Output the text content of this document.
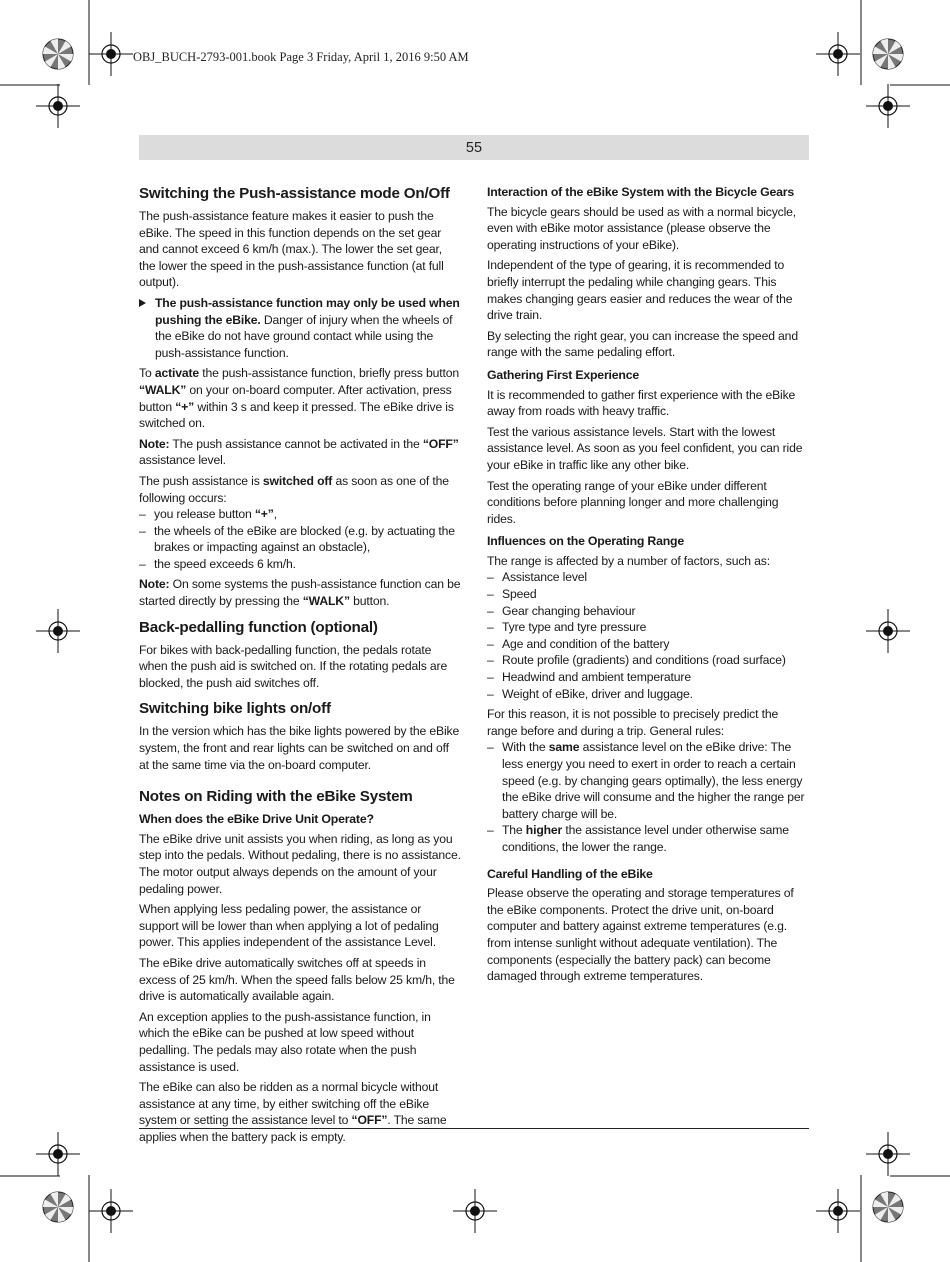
OBJ_BUCH-2793-001.book Page 3 Friday, April 1, 2016 9:50 AM
55
Switching the Push-assistance mode On/Off

The push-assistance feature makes it easier to push the eBike. The speed in this function depends on the set gear and cannot exceed 6 km/h (max.). The lower the set gear, the lower the speed in the push-assistance function (at full output).

The push-assistance function may only be used when pushing the eBike. Danger of injury when the wheels of the eBike do not have ground contact while using the push-assistance function.

To activate the push-assistance function, briefly press button “WALK” on your on-board computer. After activation, press button “+” within 3 s and keep it pressed. The eBike drive is switched on.

Note: The push assistance cannot be activated in the “OFF” assistance level.

The push assistance is switched off as soon as one of the following occurs:

– you release button “+”,
– the wheels of the eBike are blocked (e.g. by actuating the brakes or impacting against an obstacle),
– the speed exceeds 6 km/h.

Note: On some systems the push-assistance function can be started directly by pressing the “WALK” button.

Back-pedalling function (optional)

For bikes with back-pedalling function, the pedals rotate when the push aid is switched on. If the rotating pedals are blocked, the push aid switches off.

Switching bike lights on/off

In the version which has the bike lights powered by the eBike system, the front and rear lights can be switched on and off at the same time via the on-board computer.

Notes on Riding with the eBike System
When does the eBike Drive Unit Operate?

The eBike drive unit assists you when riding, as long as you step into the pedals. Without pedaling, there is no assistance. The motor output always depends on the amount of your pedaling power.

When applying less pedaling power, the assistance or support will be lower than when applying a lot of pedaling power. This applies independent of the assistance Level.

The eBike drive automatically switches off at speeds in excess of 25 km/h. When the speed falls below 25 km/h, the drive is automatically available again.

An exception applies to the push-assistance function, in which the eBike can be pushed at low speed without pedalling. The pedals may also rotate when the push assistance is used.

The eBike can also be ridden as a normal bicycle without assistance at any time, by either switching off the eBike system or setting the assistance level to “OFF”. The same applies when the battery pack is empty.

Interaction of the eBike System with the Bicycle Gears

The bicycle gears should be used as with a normal bicycle, even with eBike motor assistance (please observe the operating instructions of your eBike).

Independent of the type of gearing, it is recommended to briefly interrupt the pedaling while changing gears. This makes changing gears easier and reduces the wear of the drive train.

By selecting the right gear, you can increase the speed and range with the same pedaling effort.

Gathering First Experience

It is recommended to gather first experience with the eBike away from roads with heavy traffic.

Test the various assistance levels. Start with the lowest assistance level. As soon as you feel confident, you can ride your eBike in traffic like any other bike.

Test the operating range of your eBike under different conditions before planning longer and more challenging rides.

Influences on the Operating Range

The range is affected by a number of factors, such as:

– Assistance level
– Speed
– Gear changing behaviour
– Tyre type and tyre pressure
– Age and condition of the battery
– Route profile (gradients) and conditions (road surface)
– Headwind and ambient temperature
– Weight of eBike, driver and luggage.

For this reason, it is not possible to precisely predict the range before and during a trip. General rules:

– With the same assistance level on the eBike drive: The less energy you need to exert in order to reach a certain speed (e.g. by changing gears optimally), the less energy the eBike drive will consume and the higher the range per battery charge will be.
– The higher the assistance level under otherwise same conditions, the lower the range.
Careful Handling of the eBike

Please observe the operating and storage temperatures of the eBike components. Protect the drive unit, on-board computer and battery against extreme temperatures (e.g. from intense sunlight without adequate ventilation). The components (especially the battery pack) can become damaged through extreme temperatures.
